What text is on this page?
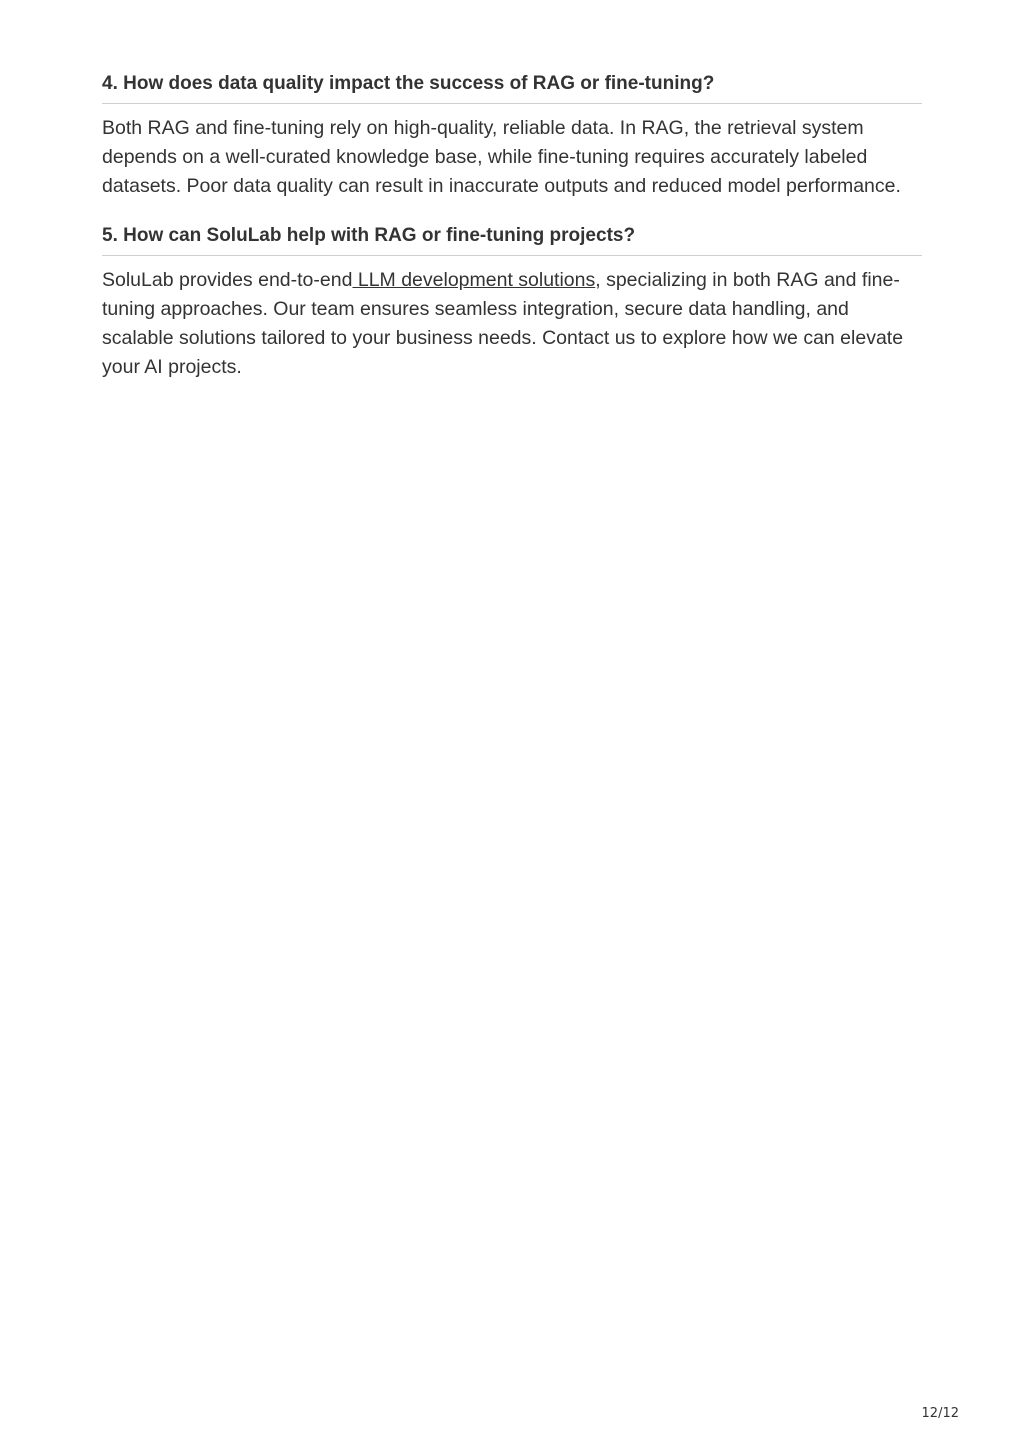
4. How does data quality impact the success of RAG or fine-tuning?

Both RAG and fine-tuning rely on high-quality, reliable data. In RAG, the retrieval system depends on a well-curated knowledge base, while fine-tuning requires accurately labeled datasets. Poor data quality can result in inaccurate outputs and reduced model performance.

5. How can SoluLab help with RAG or fine-tuning projects?

SoluLab provides end-to-end LLM development solutions, specializing in both RAG and fine-tuning approaches. Our team ensures seamless integration, secure data handling, and scalable solutions tailored to your business needs. Contact us to explore how we can elevate your AI projects.

12/12
